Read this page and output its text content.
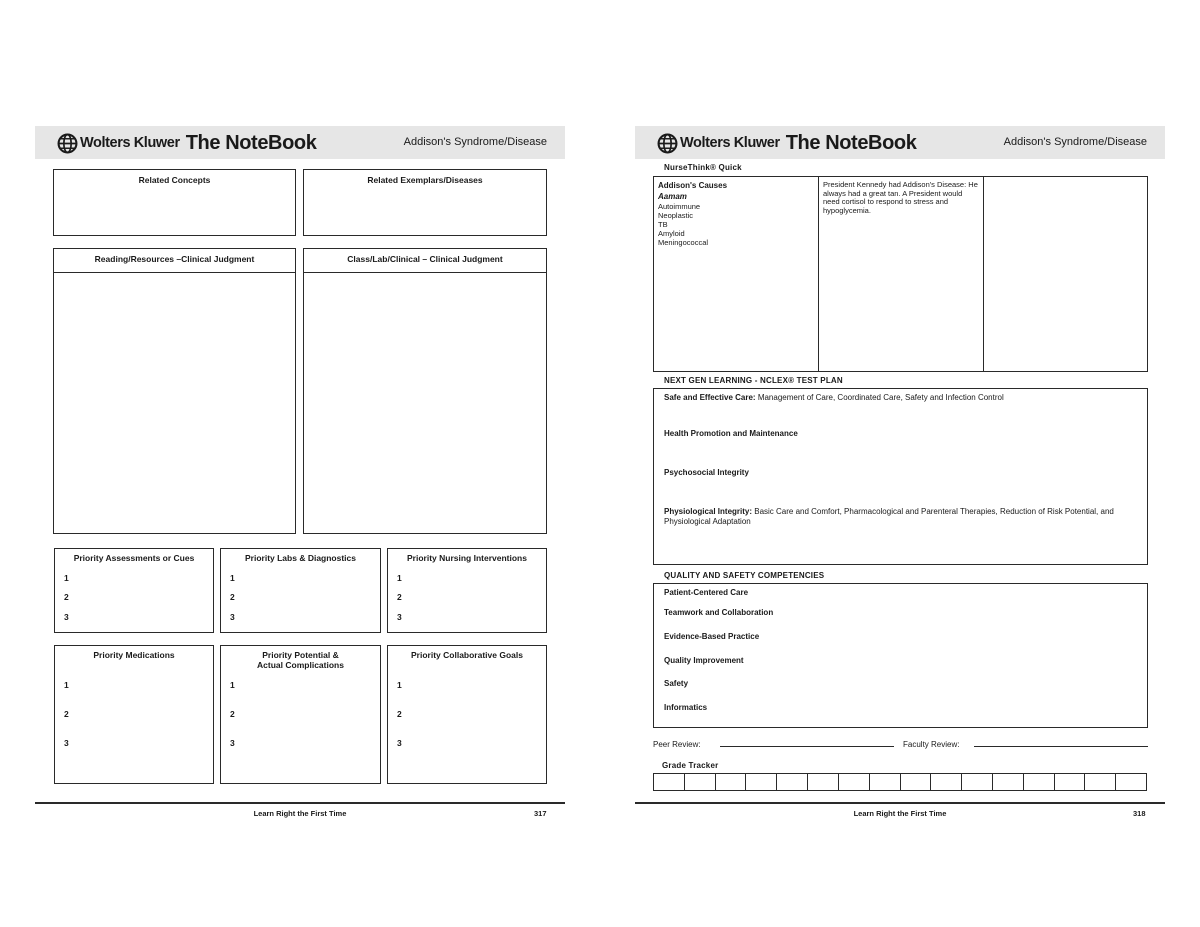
Wolters Kluwer The NoteBook	Addison's Syndrome/Disease
Related Concepts	Related Exemplars/Diseases
Reading/Resources –Clinical Judgment	Class/Lab/Clinical – Clinical Judgment
Priority Assessments or Cues
1
2
3
Priority Labs & Diagnostics
1
2
3
Priority Nursing Interventions
1
2
3
Priority Medications
1
2
3
Priority Potential &
Actual Complications
1
2
3
Priority Collaborative Goals
1
2
3
Learn Right the First Time	317
Wolters Kluwer The NoteBook	Addison's Syndrome/Disease
NurseThink® Quick
Addison's Causes
Aamam
Autoimmune
Neoplastic
TB
Amyloid
Meningococcal
President Kennedy had Addison's Disease: He always had a great tan. A President would need cortisol to respond to stress and hypoglycemia.
NEXT GEN LEARNING - NCLEX® TEST PLAN
Safe and Effective Care: Management of Care, Coordinated Care, Safety and Infection Control
Health Promotion and Maintenance
Psychosocial Integrity
Physiological Integrity: Basic Care and Comfort, Pharmacological and Parenteral Therapies, Reduction of Risk Potential, and Physiological Adaptation
QUALITY AND SAFETY COMPETENCIES
Patient-Centered Care
Teamwork and Collaboration
Evidence-Based Practice
Quality Improvement
Safety
Informatics
Peer Review:	Faculty Review:
Grade Tracker
Learn Right the First Time	318
